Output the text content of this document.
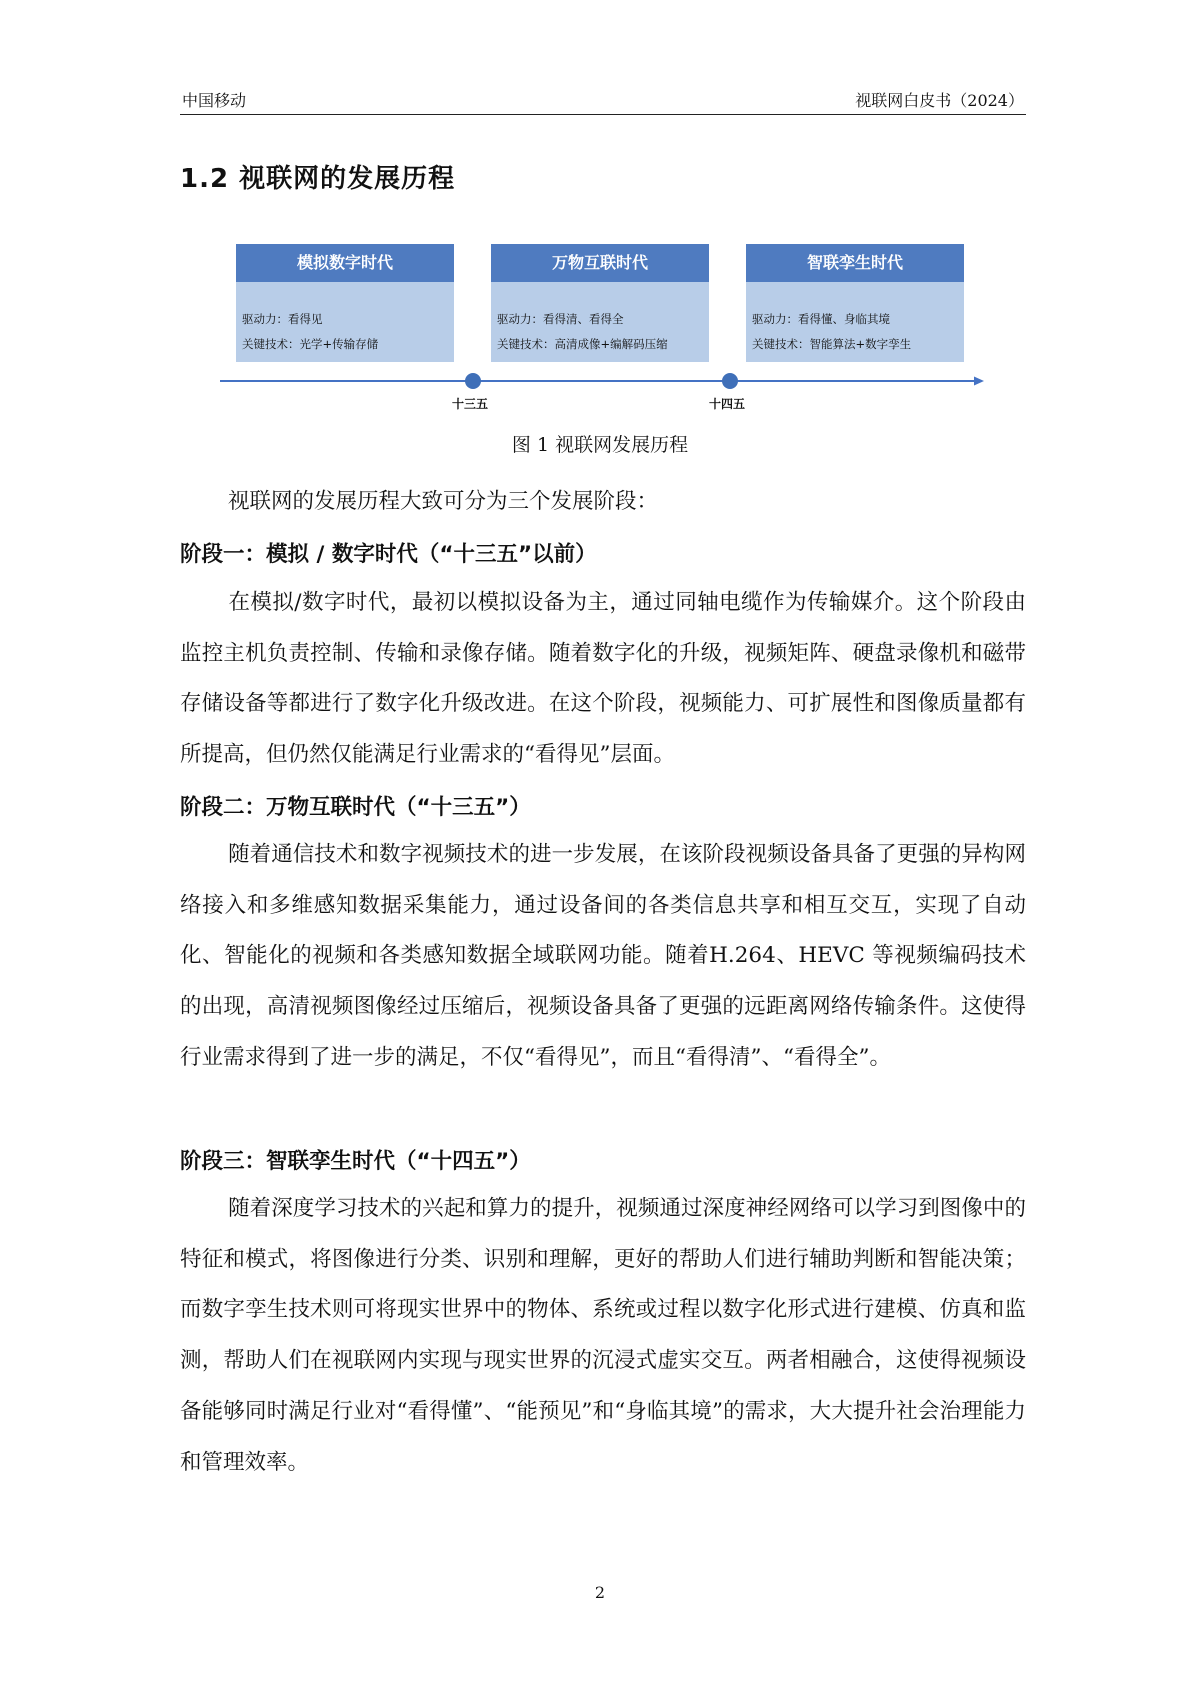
中国移动	视联网白皮书（2024）
1.2 视联网的发展历程
模拟数字时代
驱动力：看得见
关键技术：光学+传输存储
万物互联时代
驱动力：看得清、看得全
关键技术：高清成像+编解码压缩
智联孪生时代
驱动力：看得懂、身临其境
关键技术：智能算法+数字孪生
十三五	十四五
图 1 视联网发展历程

视联网的发展历程大致可分为三个发展阶段：

阶段一：模拟 / 数字时代（“十三五”以前）

在模拟/数字时代，最初以模拟设备为主，通过同轴电缆作为传输媒介。这个阶段由监控主机负责控制、传输和录像存储。随着数字化的升级，视频矩阵、硬盘录像机和磁带存储设备等都进行了数字化升级改进。在这个阶段，视频能力、可扩展性和图像质量都有所提高，但仍然仅能满足行业需求的“看得见”层面。

阶段二：万物互联时代（“十三五”）

随着通信技术和数字视频技术的进一步发展，在该阶段视频设备具备了更强的异构网络接入和多维感知数据采集能力，通过设备间的各类信息共享和相互交互，实现了自动化、智能化的视频和各类感知数据全域联网功能。随着H.264、HEVC 等视频编码技术的出现，高清视频图像经过压缩后，视频设备具备了更强的远距离网络传输条件。这使得行业需求得到了进一步的满足，不仅“看得见”，而且“看得清”、“看得全”。

阶段三：智联孪生时代（“十四五”）

随着深度学习技术的兴起和算力的提升，视频通过深度神经网络可以学习到图像中的特征和模式，将图像进行分类、识别和理解，更好的帮助人们进行辅助判断和智能决策；而数字孪生技术则可将现实世界中的物体、系统或过程以数字化形式进行建模、仿真和监测，帮助人们在视联网内实现与现实世界的沉浸式虚实交互。两者相融合，这使得视频设备能够同时满足行业对“看得懂”、“能预见”和“身临其境”的需求，大大提升社会治理能力和管理效率。

2
